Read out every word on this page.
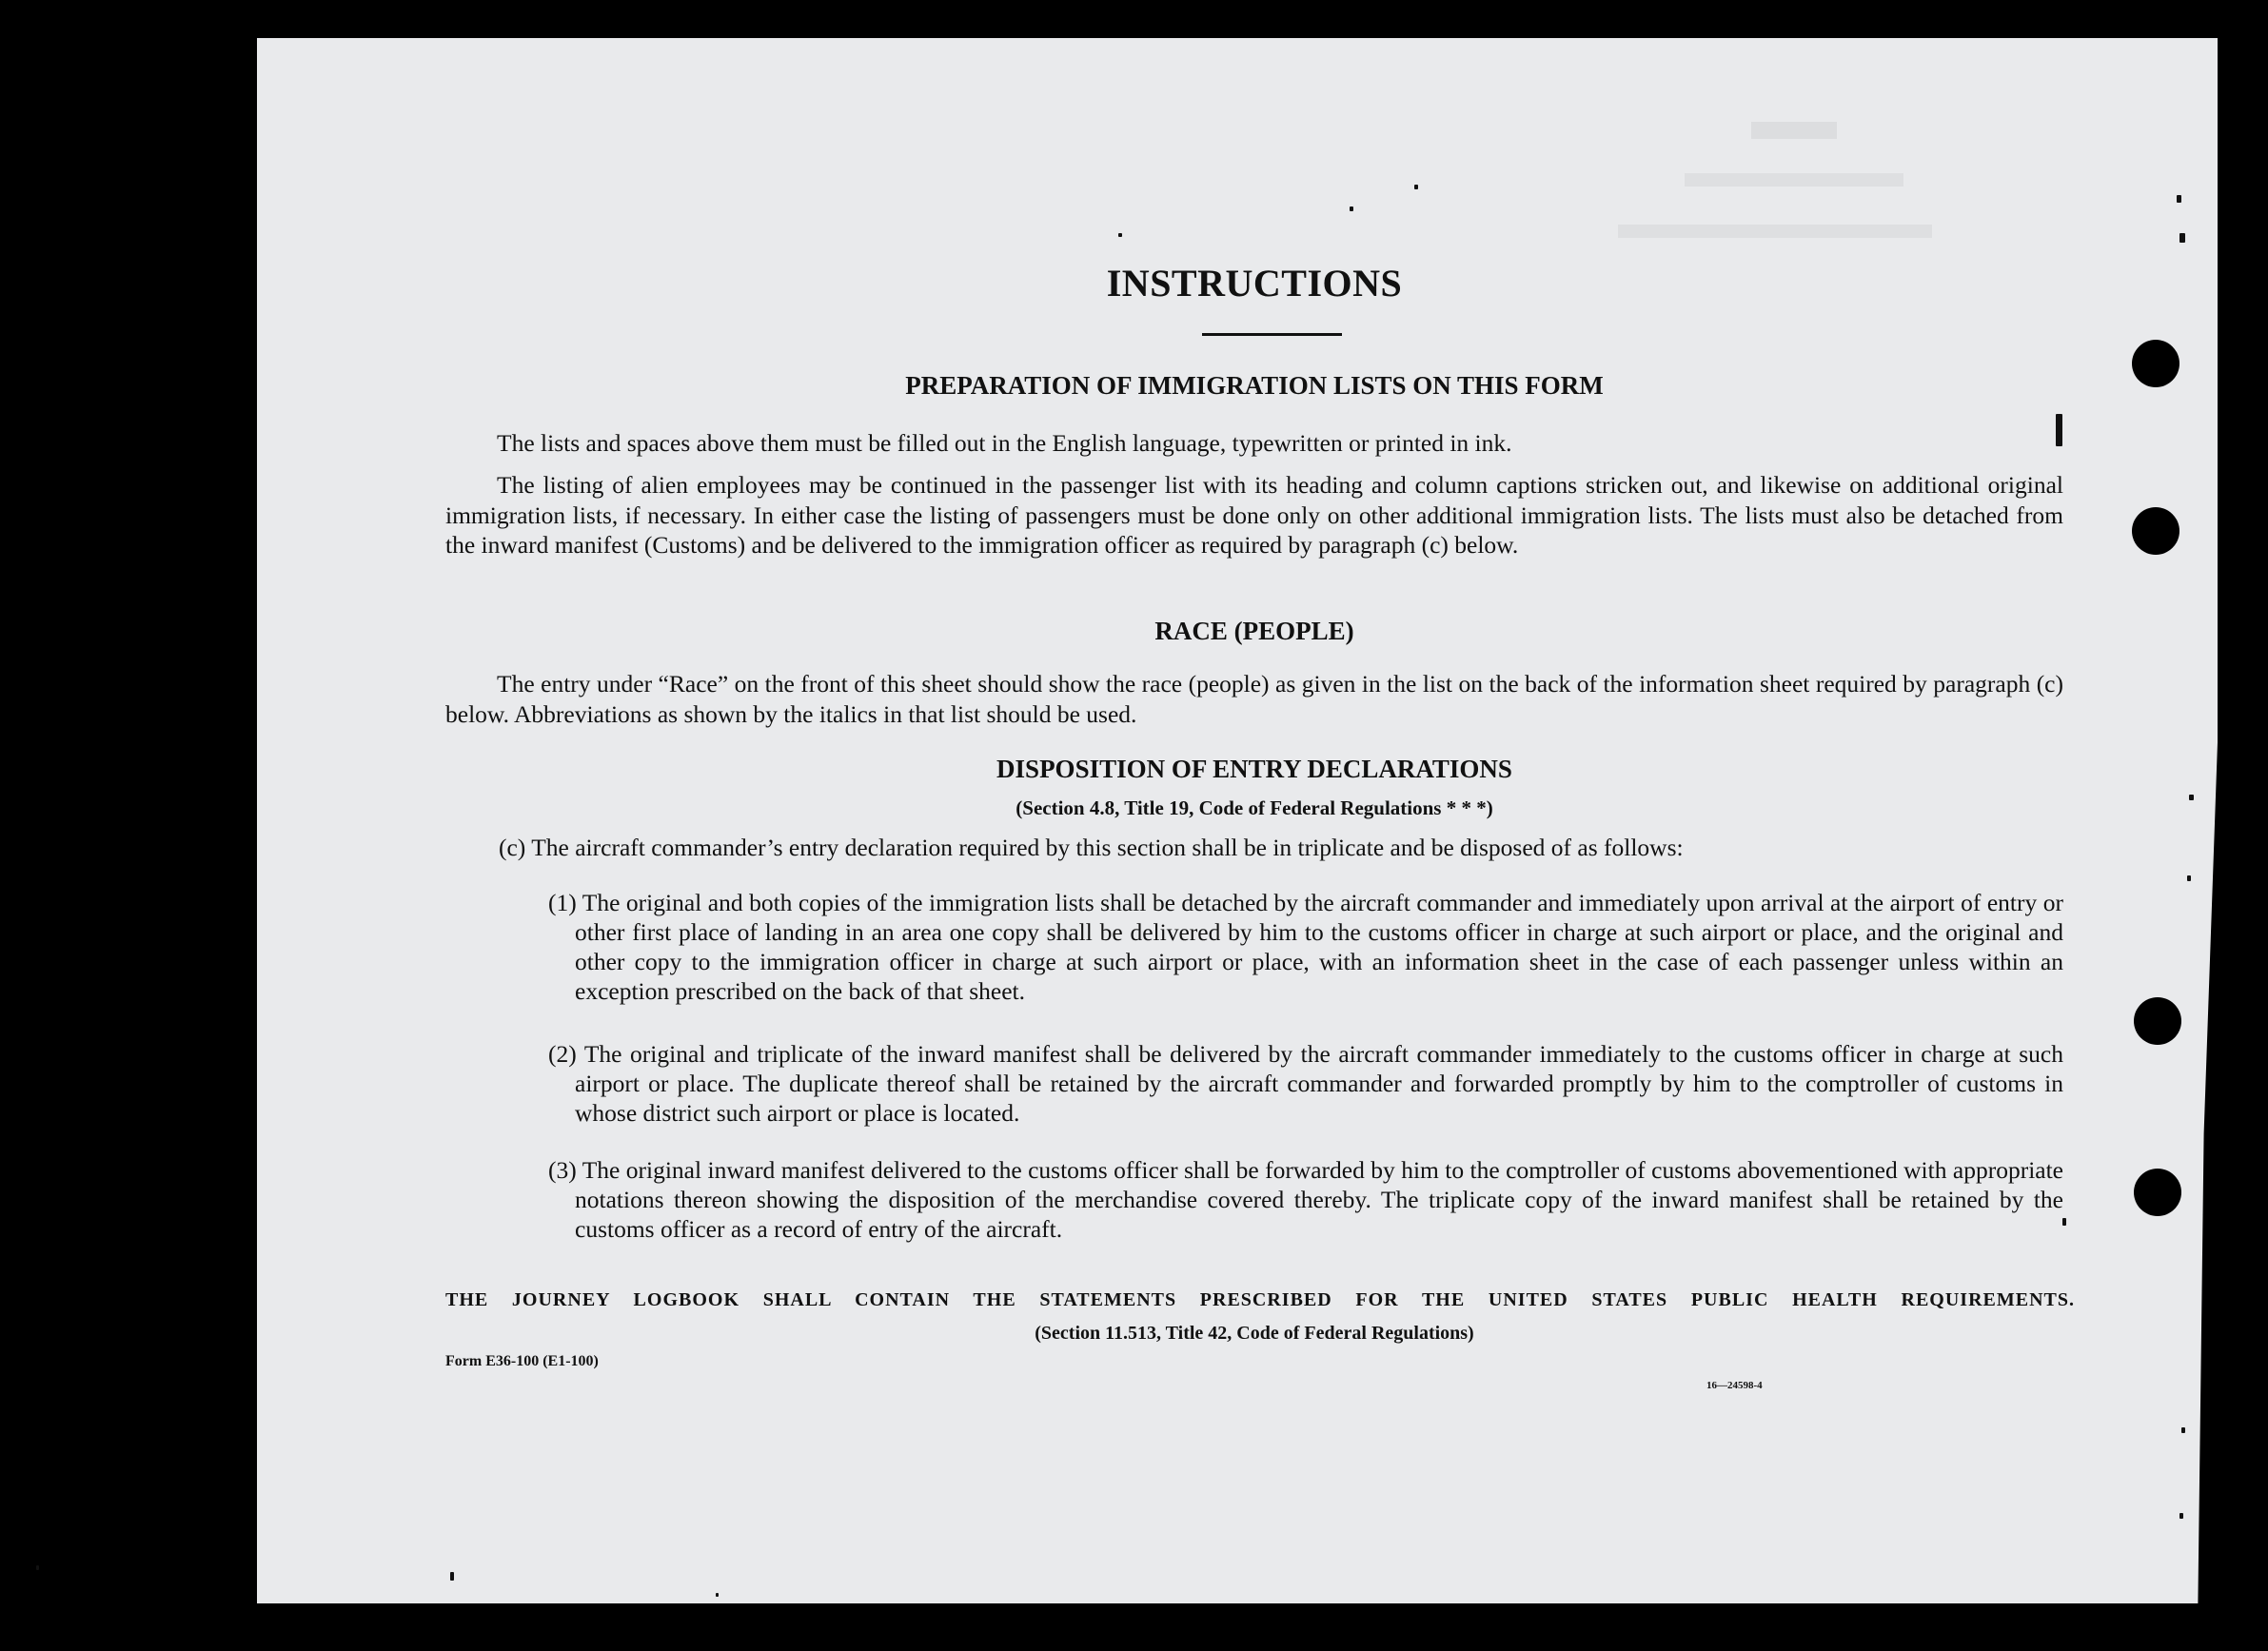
INSTRUCTIONS
PREPARATION OF IMMIGRATION LISTS ON THIS FORM
The lists and spaces above them must be filled out in the English language, typewritten or printed in ink.
The listing of alien employees may be continued in the passenger list with its heading and column captions stricken out, and likewise on additional original immigration lists, if necessary. In either case the listing of passengers must be done only on other additional immigration lists. The lists must also be detached from the inward manifest (Customs) and be delivered to the immigration officer as required by paragraph (c) below.
RACE (PEOPLE)
The entry under “Race” on the front of this sheet should show the race (people) as given in the list on the back of the information sheet required by paragraph (c) below. Abbreviations as shown by the italics in that list should be used.
DISPOSITION OF ENTRY DECLARATIONS
(Section 4.8, Title 19, Code of Federal Regulations * * *)
(c) The aircraft commander’s entry declaration required by this section shall be in triplicate and be disposed of as follows:
(1) The original and both copies of the immigration lists shall be detached by the aircraft commander and immediately upon arrival at the airport of entry or other first place of landing in an area one copy shall be delivered by him to the customs officer in charge at such airport or place, and the original and other copy to the immigration officer in charge at such airport or place, with an information sheet in the case of each passenger unless within an exception prescribed on the back of that sheet.
(2) The original and triplicate of the inward manifest shall be delivered by the aircraft commander immediately to the customs officer in charge at such airport or place. The duplicate thereof shall be retained by the aircraft commander and forwarded promptly by him to the comptroller of customs in whose district such airport or place is located.
(3) The original inward manifest delivered to the customs officer shall be forwarded by him to the comptroller of customs abovementioned with appropriate notations thereon showing the disposition of the merchandise covered thereby. The triplicate copy of the inward manifest shall be retained by the customs officer as a record of entry of the aircraft.
THE JOURNEY LOGBOOK SHALL CONTAIN THE STATEMENTS PRESCRIBED FOR THE UNITED STATES PUBLIC HEALTH REQUIREMENTS.
(Section 11.513, Title 42, Code of Federal Regulations)
Form E36-100 (E1-100)
16—24598-4
